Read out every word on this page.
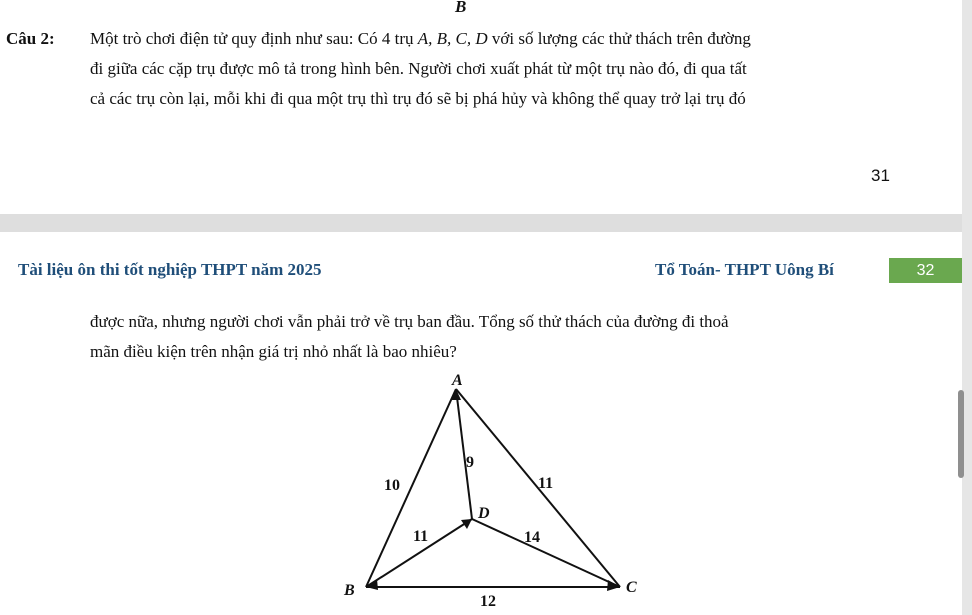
B
Câu 2: Một trò chơi điện tử quy định như sau: Có 4 trụ A, B, C, D với số lượng các thử thách trên đường
đi giữa các cặp trụ được mô tả trong hình bên. Người chơi xuất phát từ một trụ nào đó, đi qua tất
cả các trụ còn lại, mỗi khi đi qua một trụ thì trụ đó sẽ bị phá hủy và không thể quay trở lại trụ đó
31
Tài liệu ôn thi tốt nghiệp THPT năm 2025	Tổ Toán- THPT Uông Bí	32
được nữa, nhưng người chơi vẫn phải trở về trụ ban đầu. Tổng số thử thách của đường đi thoả
mãn điều kiện trên nhận giá trị nhỏ nhất là bao nhiêu?
A
B	C
D
10	11
9
11	14
12
